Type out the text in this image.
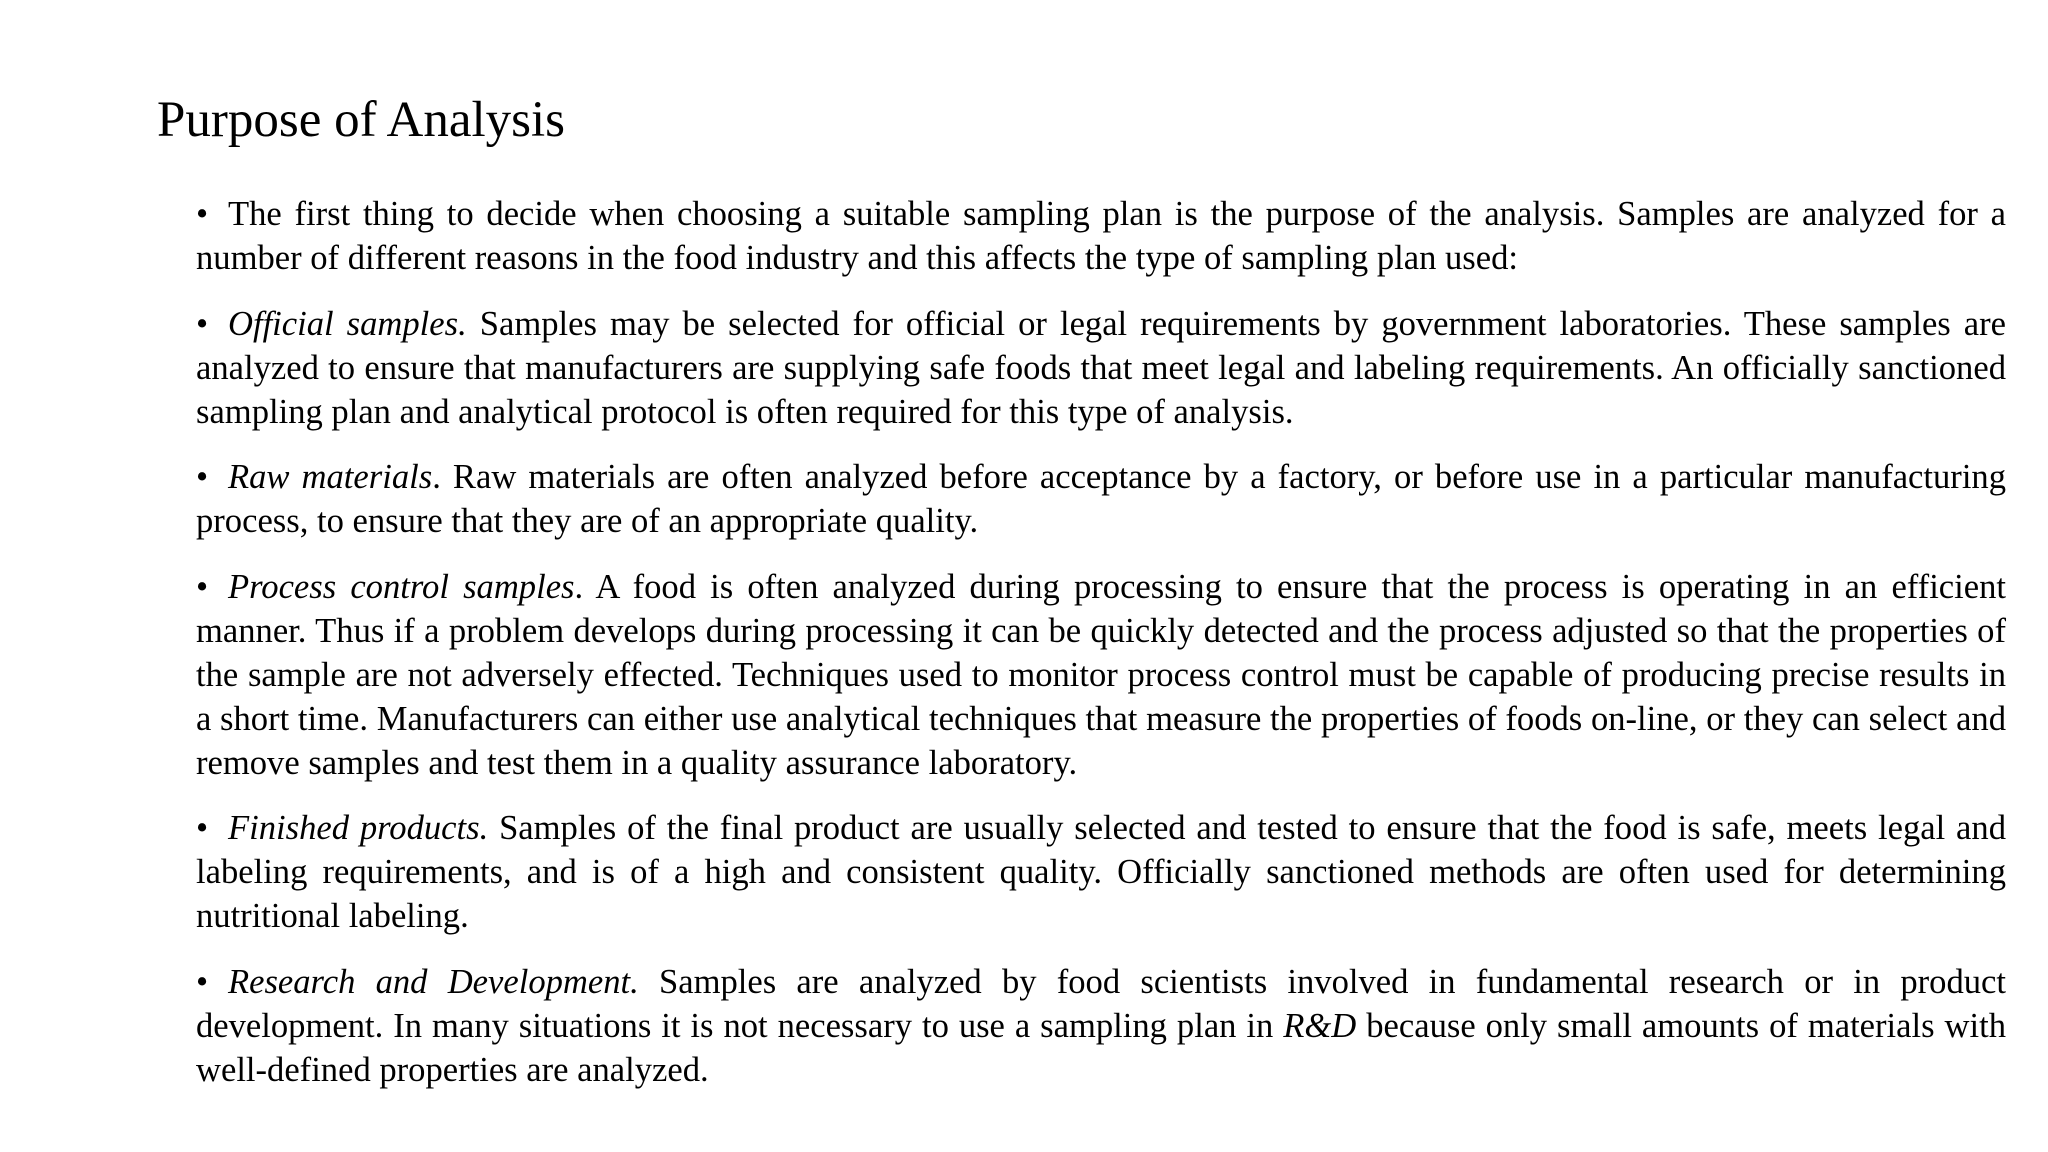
Purpose of Analysis
• The first thing to decide when choosing a suitable sampling plan is the purpose of the analysis. Samples are analyzed for a number of different reasons in the food industry and this affects the type of sampling plan used:
• Official samples. Samples may be selected for official or legal requirements by government laboratories. These samples are analyzed to ensure that manufacturers are supplying safe foods that meet legal and labeling requirements. An officially sanctioned sampling plan and analytical protocol is often required for this type of analysis.
• Raw materials. Raw materials are often analyzed before acceptance by a factory, or before use in a particular manufacturing process, to ensure that they are of an appropriate quality.
• Process control samples. A food is often analyzed during processing to ensure that the process is operating in an efficient manner. Thus if a problem develops during processing it can be quickly detected and the process adjusted so that the properties of the sample are not adversely effected. Techniques used to monitor process control must be capable of producing precise results in a short time. Manufacturers can either use analytical techniques that measure the properties of foods on-line, or they can select and remove samples and test them in a quality assurance laboratory.
• Finished products. Samples of the final product are usually selected and tested to ensure that the food is safe, meets legal and labeling requirements, and is of a high and consistent quality. Officially sanctioned methods are often used for determining nutritional labeling.
• Research and Development. Samples are analyzed by food scientists involved in fundamental research or in product development. In many situations it is not necessary to use a sampling plan in R&D because only small amounts of materials with well-defined properties are analyzed.
